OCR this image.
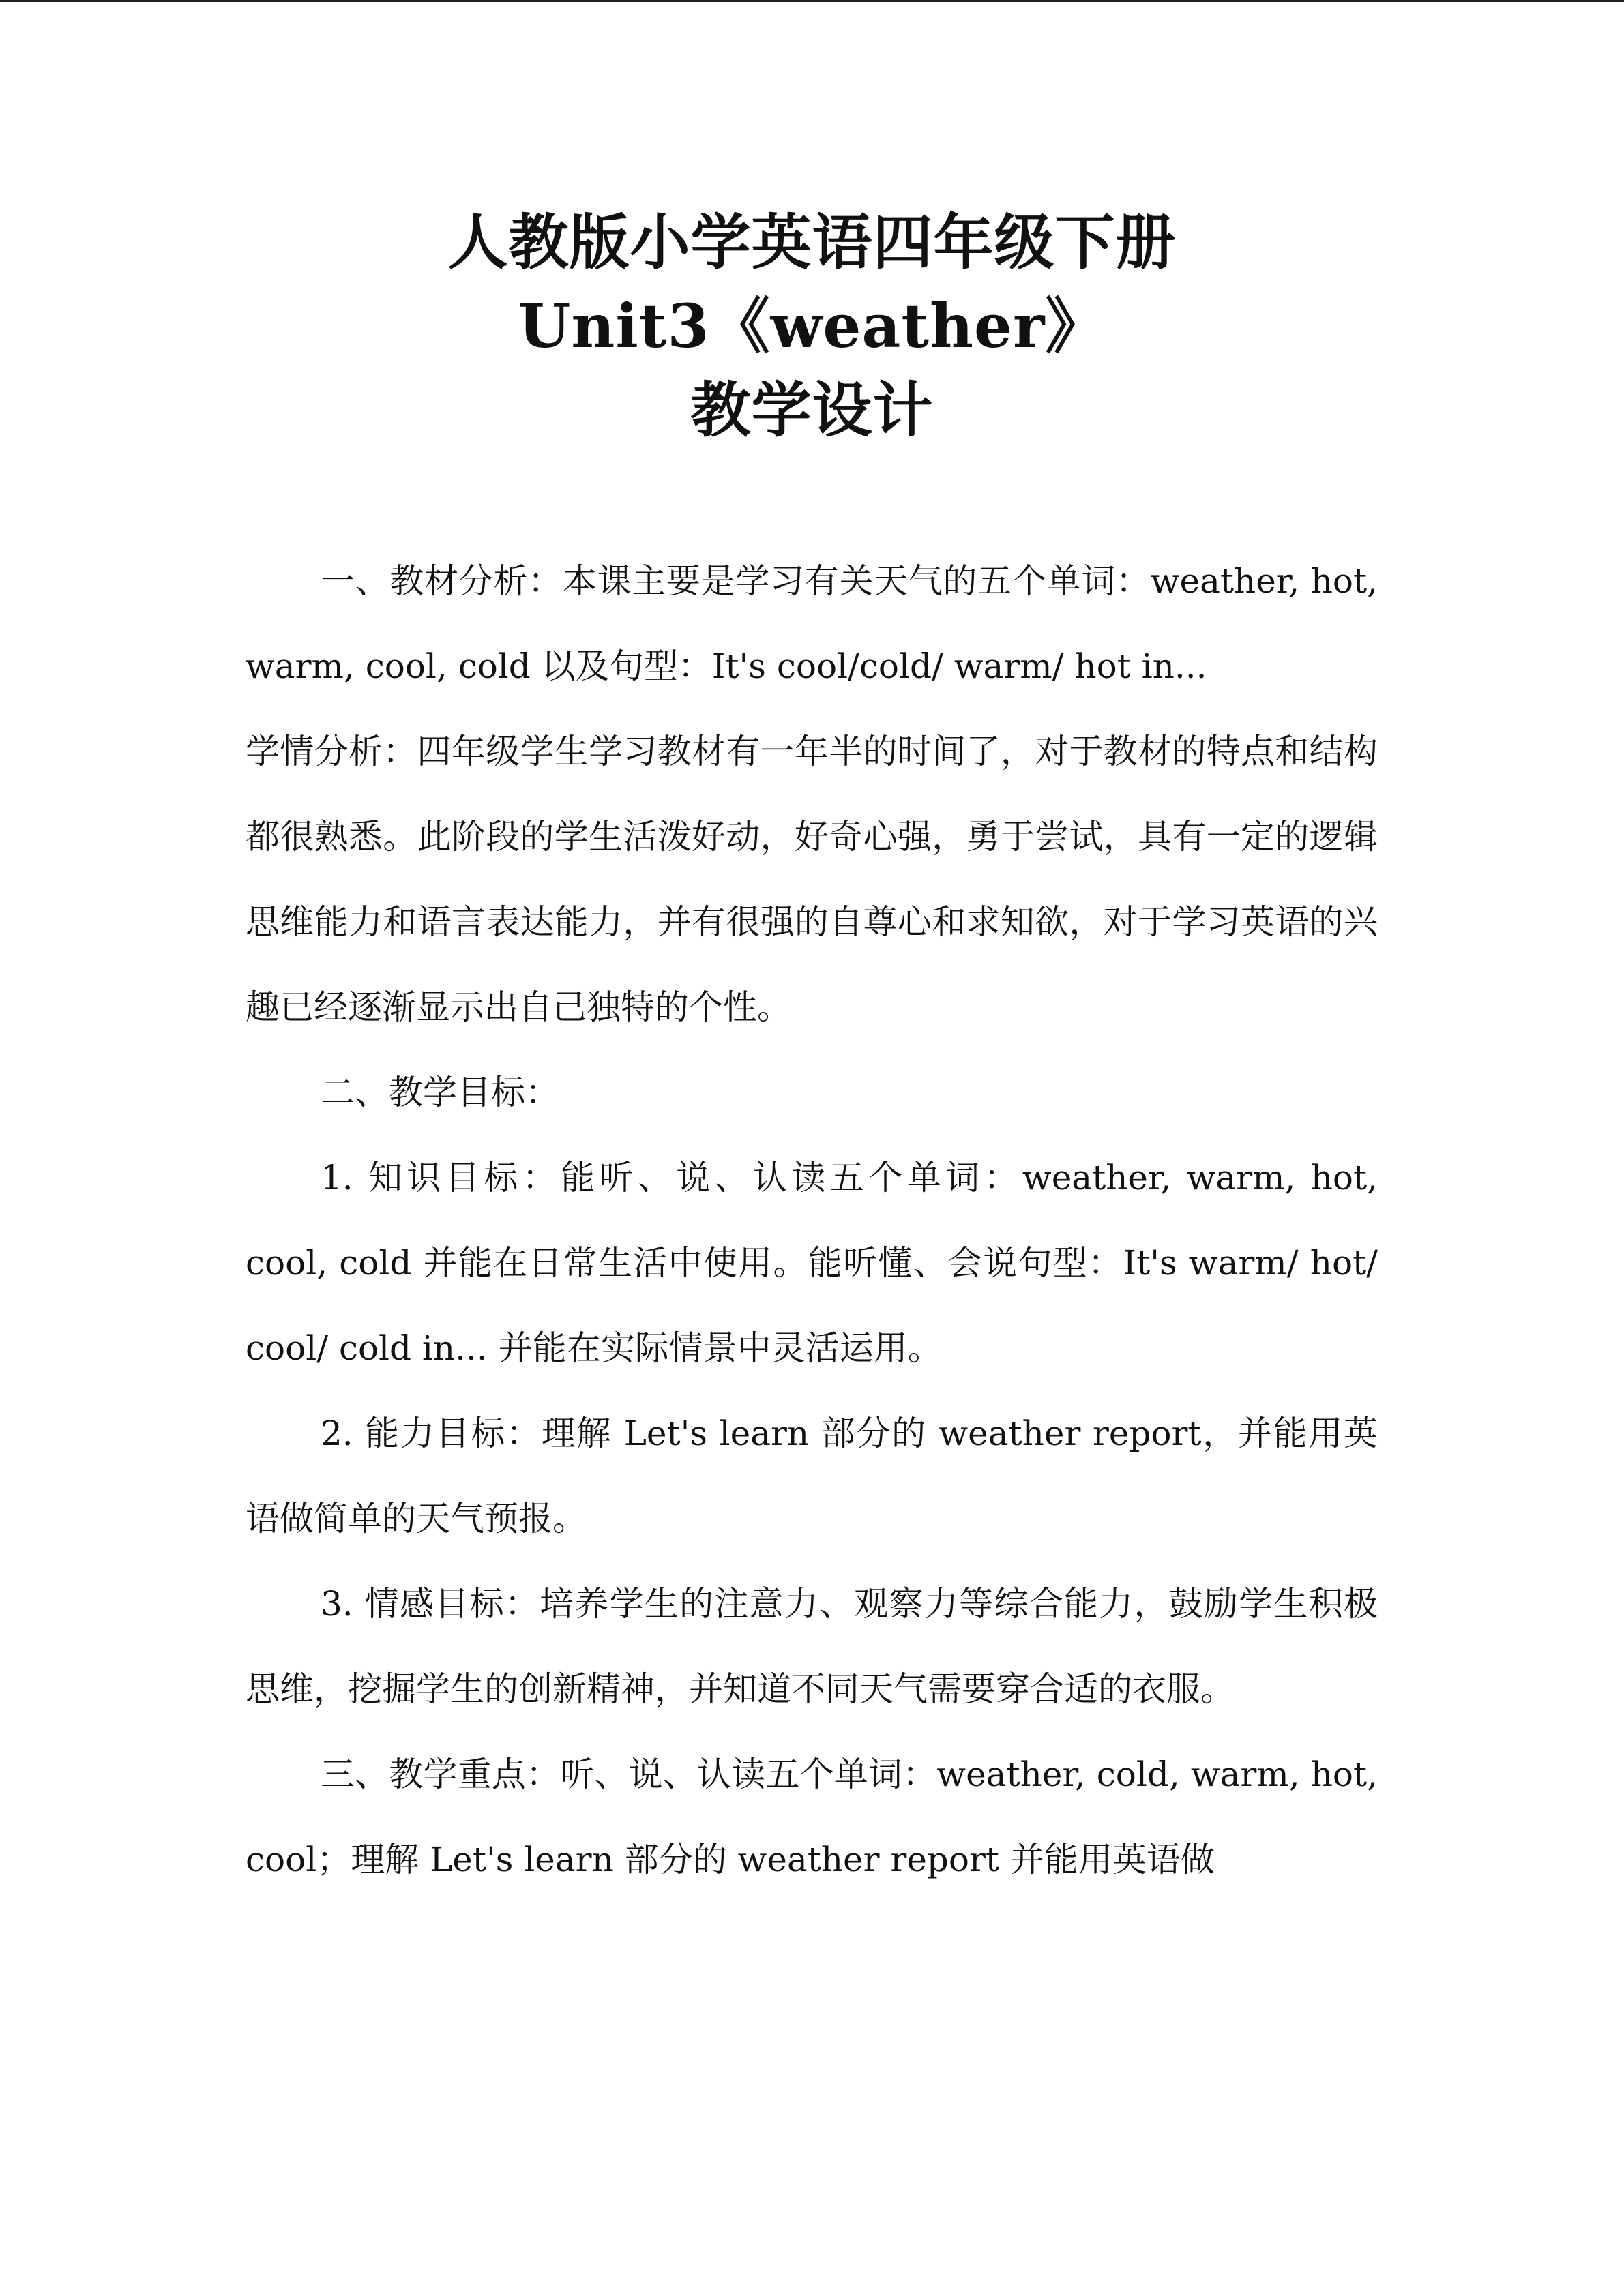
人教版小学英语四年级下册
Unit3《weather》
教学设计

一、教材分析：本课主要是学习有关天气的五个单词：weather, hot, warm, cool, cold 以及句型：It's cool/cold/ warm/ hot in...

学情分析：四年级学生学习教材有一年半的时间了，对于教材的特点和结构都很熟悉。此阶段的学生活泼好动，好奇心强，勇于尝试，具有一定的逻辑思维能力和语言表达能力，并有很强的自尊心和求知欲，对于学习英语的兴趣已经逐渐显示出自己独特的个性。

二、教学目标：

1. 知识目标：能听、说、认读五个单词：weather, warm, hot, cool, cold 并能在日常生活中使用。能听懂、会说句型：It's warm/ hot/ cool/ cold in... 并能在实际情景中灵活运用。

2. 能力目标：理解 Let's learn 部分的 weather report，并能用英语做简单的天气预报。

3. 情感目标：培养学生的注意力、观察力等综合能力，鼓励学生积极思维，挖掘学生的创新精神，并知道不同天气需要穿合适的衣服。

三、教学重点：听、说、认读五个单词：weather, cold, warm, hot, cool；理解 Let's learn 部分的 weather report 并能用英语做
